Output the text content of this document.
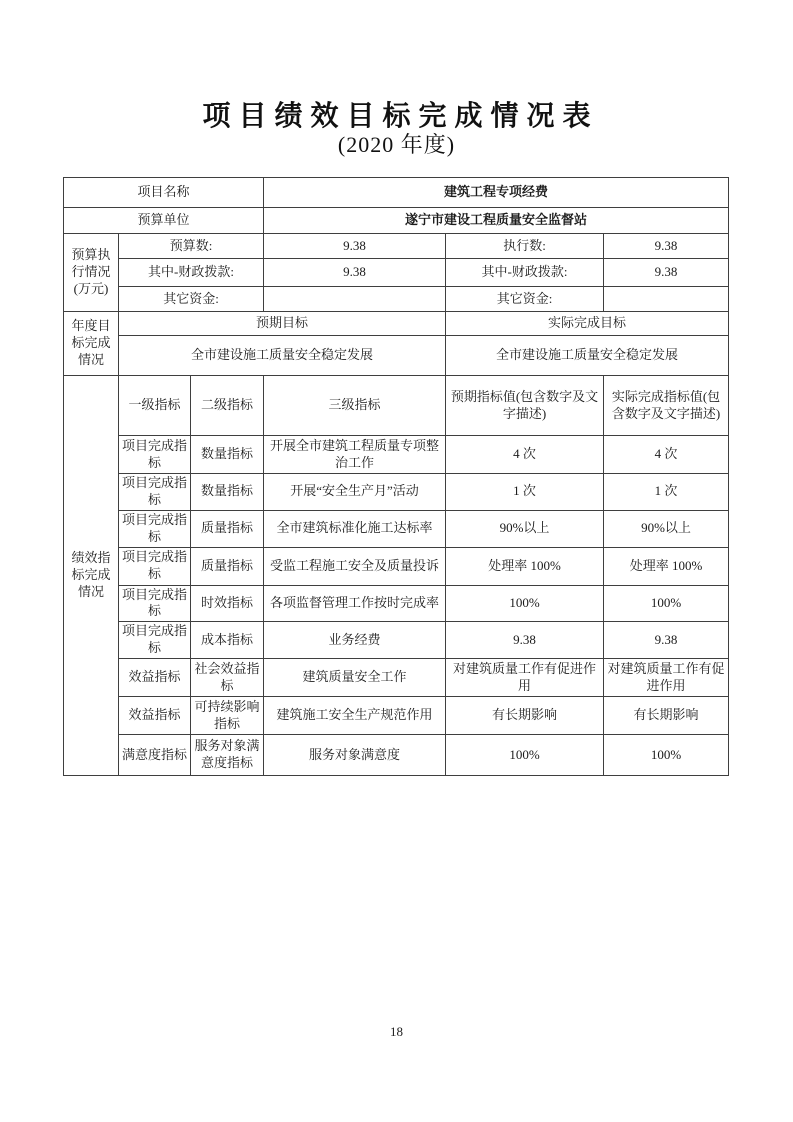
项目绩效目标完成情况表
(2020 年度)
项目名称			建筑工程专项经费		
预算单位			遂宁市建设工程质量安全监督站		
预算执行情况(万元)	预算数:		9.38	执行数:	9.38
	其中-财政拨款:		9.38	其中-财政拨款:	9.38
	其它资金:			其它资金:	
年度目标完成情况	预期目标			实际完成目标	
	全市建设施工质量安全稳定发展			全市建设施工质量安全稳定发展	
绩效指标完成情况	一级指标	二级指标	三级指标	预期指标值(包含数字及文字描述)	实际完成指标值(包含数字及文字描述)
	项目完成指标	数量指标	开展全市建筑工程质量专项整治工作	4 次	4 次
	项目完成指标	数量指标	开展“安全生产月”活动	1 次	1 次
	项目完成指标	质量指标	全市建筑标准化施工达标率	90%以上	90%以上
	项目完成指标	质量指标	受监工程施工安全及质量投诉	处理率 100%	处理率 100%
	项目完成指标	时效指标	各项监督管理工作按时完成率	100%	100%
	项目完成指标	成本指标	业务经费	9.38	9.38
	效益指标	社会效益指标	建筑质量安全工作	对建筑质量工作有促进作用	对建筑质量工作有促进作用
	效益指标	可持续影响指标	建筑施工安全生产规范作用	有长期影响	有长期影响
	满意度指标	服务对象满意度指标	服务对象满意度	100%	100%
18
